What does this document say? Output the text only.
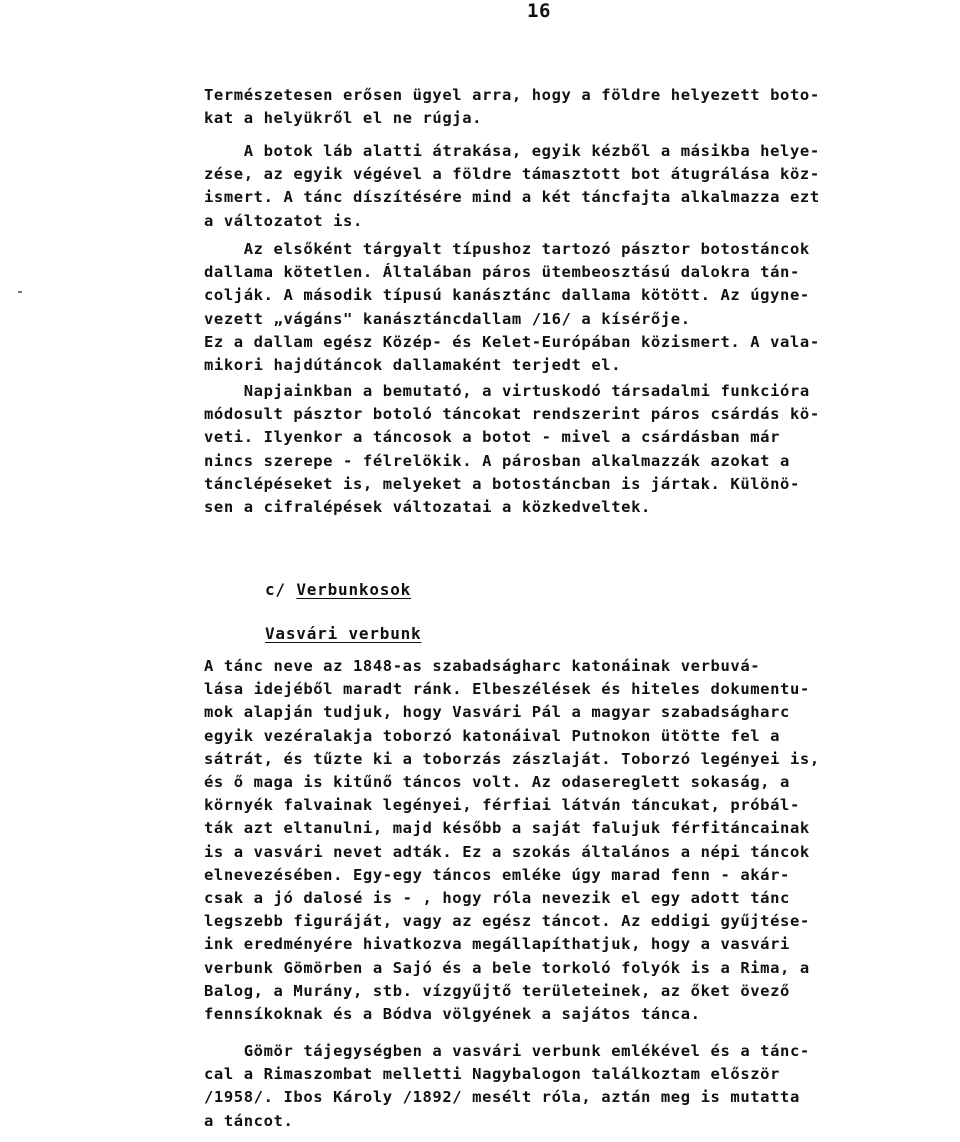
16
Természetesen erősen ügyel arra, hogy a földre helyezett boto-
kat a helyükről el ne rúgja.
A botok láb alatti átrakása, egyik kézből a másikba helye-
zése, az egyik végével a földre támasztott bot átugrálása köz-
ismert. A tánc díszítésére mind a két táncfajta alkalmazza ezt
a változatot is.
Az elsőként tárgyalt típushoz tartozó pásztor botostáncok
dallama kötetlen. Általában páros ütembeosztású dalokra tán-
colják. A második típusú kanásztánc dallama kötött. Az úgyne-
vezett „vágáns" kanásztáncdallam /16/ a kísérője.
Ez a dallam egész Közép- és Kelet-Európában közismert. A vala-
mikori hajdútáncok dallamaként terjedt el.
Napjainkban a bemutató, a virtuskodó társadalmi funkcióra
módosult pásztor botoló táncokat rendszerint páros csárdás kö-
veti. Ilyenkor a táncosok a botot - mivel a csárdásban már
nincs szerepe - félrelökik. A párosban alkalmazzák azokat a
tánclépéseket is, melyeket a botostáncban is jártak. Különö-
sen a cifralépések változatai a közkedveltek.
c/ Verbunkosok
Vasvári verbunk
A tánc neve az 1848-as szabadságharc katonáinak verbuvá-
lása idejéből maradt ránk. Elbeszélések és hiteles dokumentu-
mok alapján tudjuk, hogy Vasvári Pál a magyar szabadságharc
egyik vezéralakja toborzó katonáival Putnokon ütötte fel a
sátrát, és tűzte ki a toborzás zászlaját. Toborzó legényei is,
és ő maga is kitűnő táncos volt. Az odasereglett sokaság, a
környék falvainak legényei, férfiai látván táncukat, próbál-
ták azt eltanulni, majd később a saját falujuk férfitáncainak
is a vasvári nevet adták. Ez a szokás általános a népi táncok
elnevezésében. Egy-egy táncos emléke úgy marad fenn - akár-
csak a jó dalosé is - , hogy róla nevezik el egy adott tánc
legszebb figuráját, vagy az egész táncot. Az eddigi gyűjtése-
ink eredményére hivatkozva megállapíthatjuk, hogy a vasvári
verbunk Gömörben a Sajó és a bele torkoló folyók is a Rima, a
Balog, a Murány, stb. vízgyűjtő területeinek, az őket övező
fennsíkoknak és a Bódva völgyének a sajátos tánca.
Gömör tájegységben a vasvári verbunk emlékével és a tánc-
cal a Rimaszombat melletti Nagybalogon találkoztam először
/1958/. Ibos Károly /1892/ mesélt róla, aztán meg is mutatta
a táncot.
